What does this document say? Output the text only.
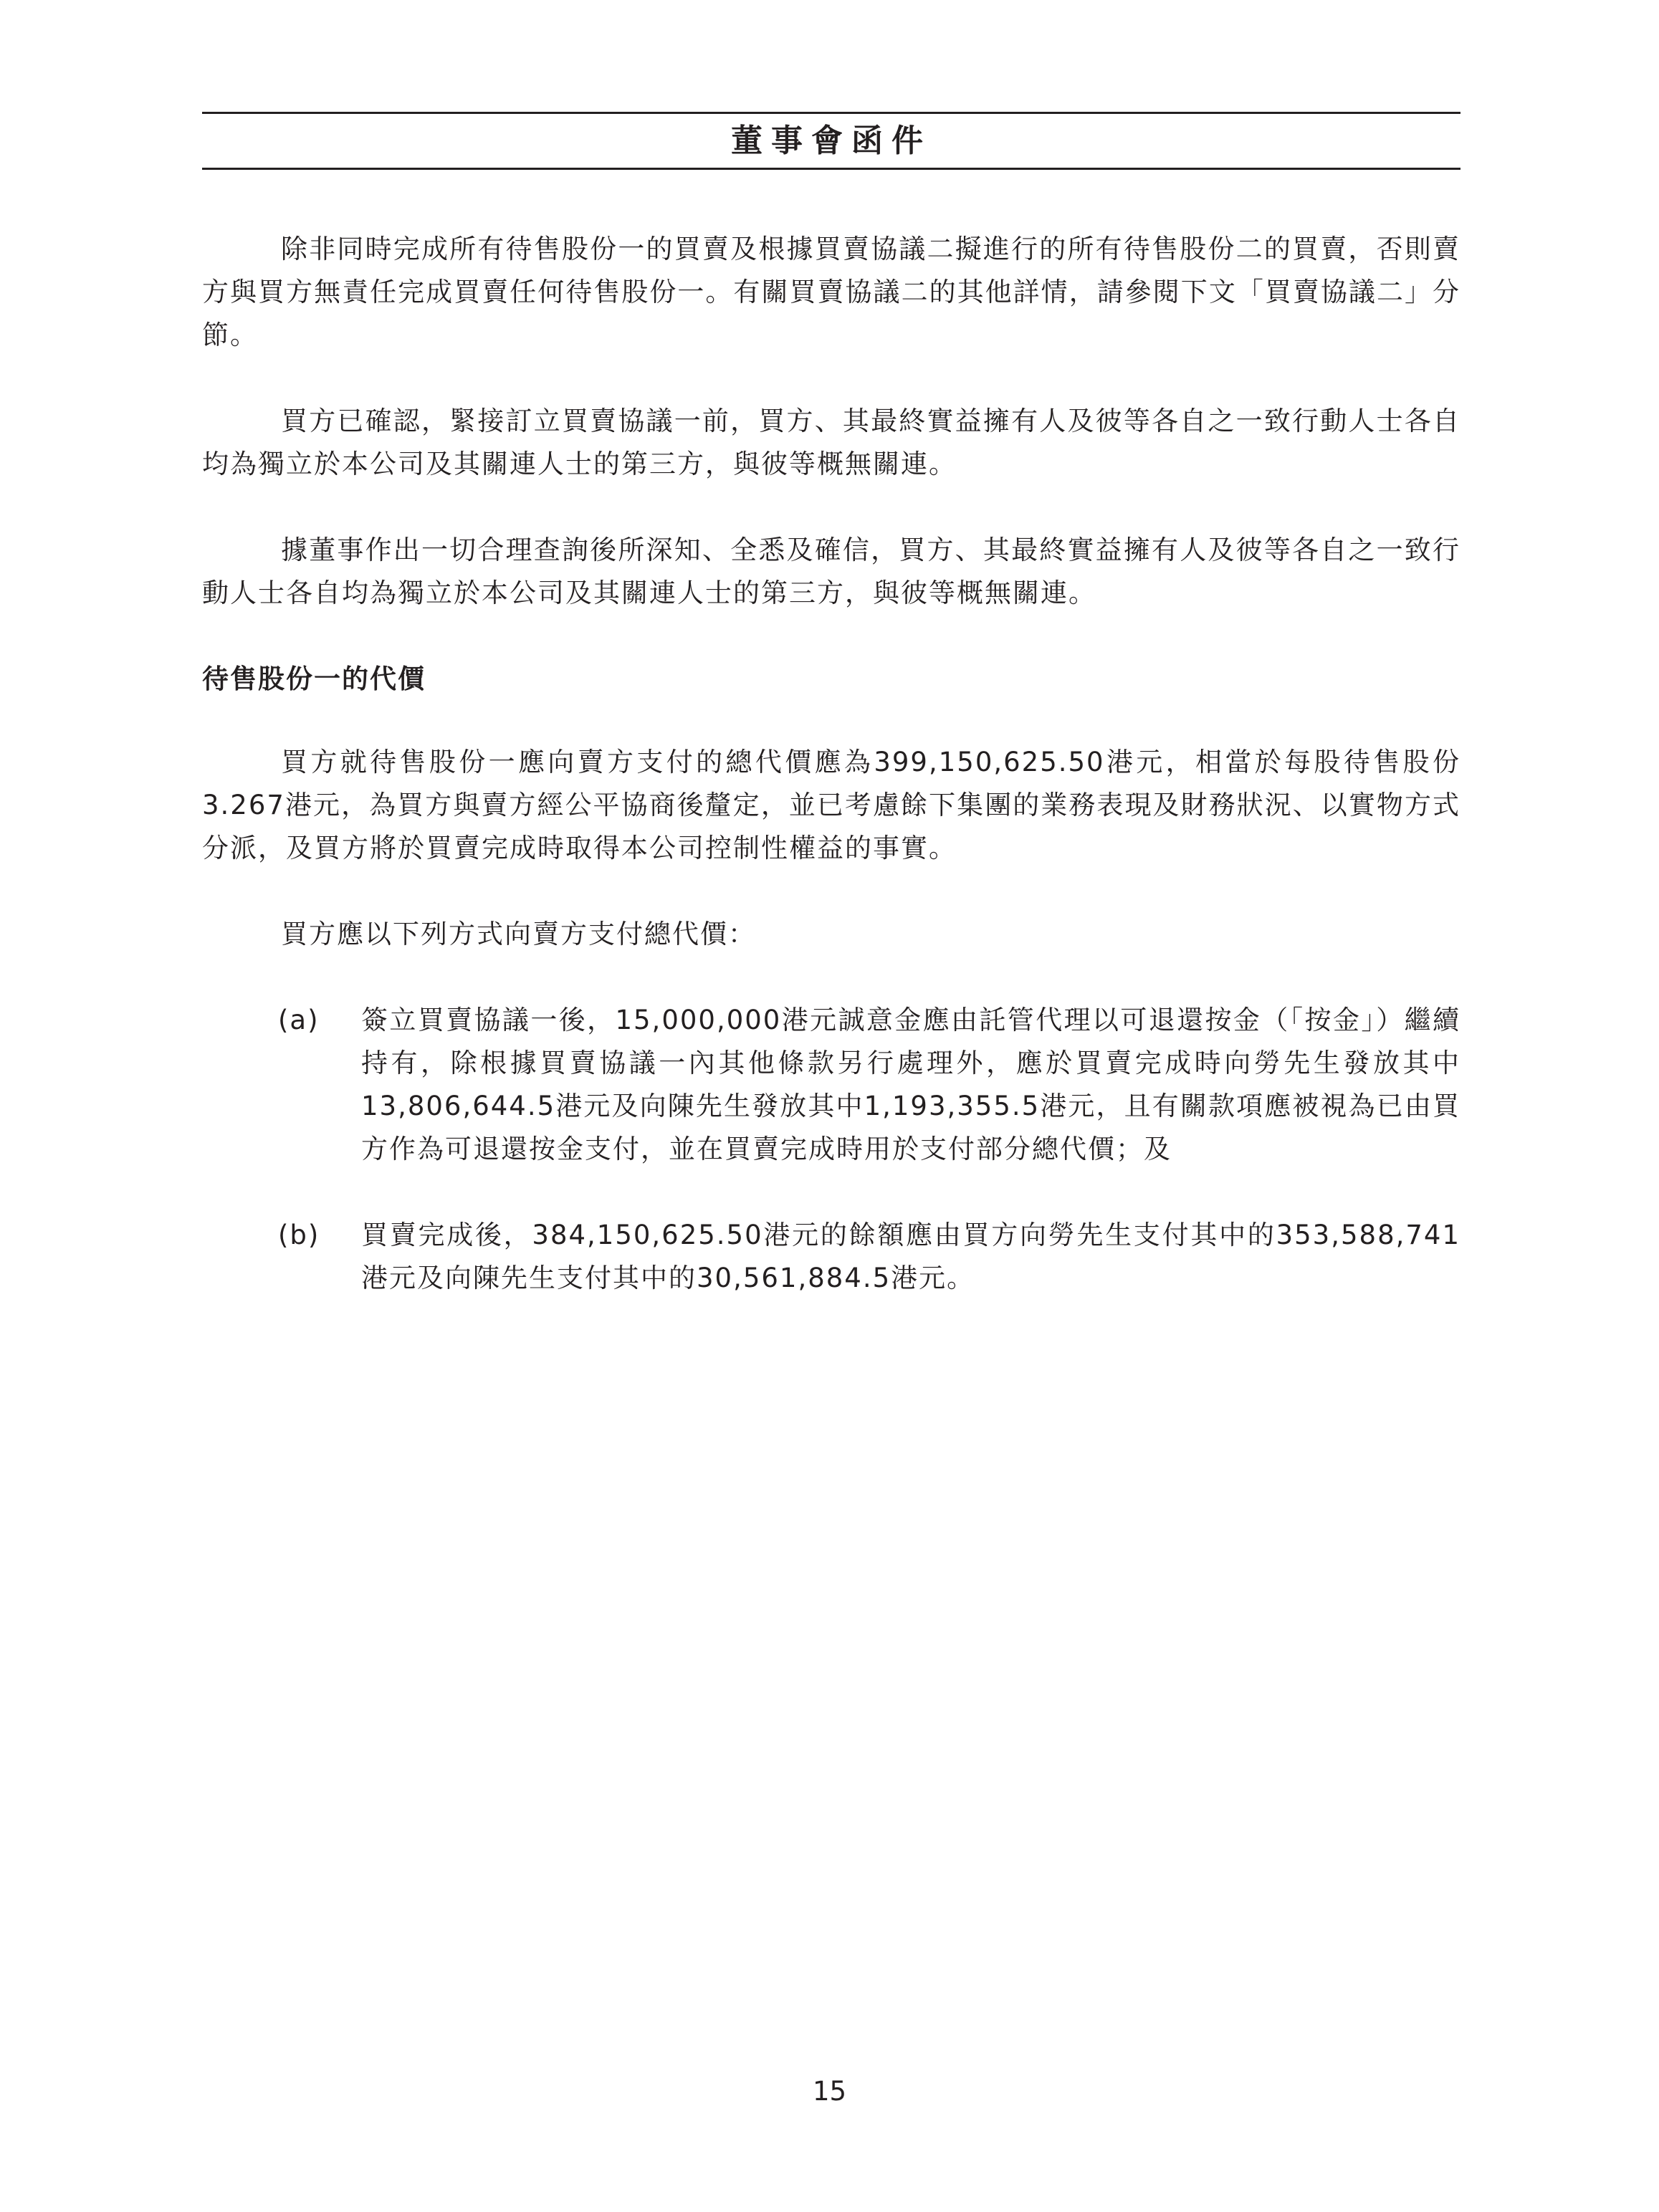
董事會函件

除非同時完成所有待售股份一的買賣及根據買賣協議二擬進行的所有待售股份二的買賣，否則賣方與買方無責任完成買賣任何待售股份一。有關買賣協議二的其他詳情，請參閱下文「買賣協議二」分節。

買方已確認，緊接訂立買賣協議一前，買方、其最終實益擁有人及彼等各自之一致行動人士各自均為獨立於本公司及其關連人士的第三方，與彼等概無關連。

據董事作出一切合理查詢後所深知、全悉及確信，買方、其最終實益擁有人及彼等各自之一致行動人士各自均為獨立於本公司及其關連人士的第三方，與彼等概無關連。

待售股份一的代價

買方就待售股份一應向賣方支付的總代價應為399,150,625.50港元，相當於每股待售股份3.267港元，為買方與賣方經公平協商後釐定，並已考慮餘下集團的業務表現及財務狀況、以實物方式分派，及買方將於買賣完成時取得本公司控制性權益的事實。

買方應以下列方式向賣方支付總代價：

(a) 簽立買賣協議一後，15,000,000港元誠意金應由託管代理以可退還按金（「按金」）繼續持有，除根據買賣協議一內其他條款另行處理外，應於買賣完成時向勞先生發放其中13,806,644.5港元及向陳先生發放其中1,193,355.5港元，且有關款項應被視為已由買方作為可退還按金支付，並在買賣完成時用於支付部分總代價；及
(b) 買賣完成後，384,150,625.50港元的餘額應由買方向勞先生支付其中的353,588,741港元及向陳先生支付其中的30,561,884.5港元。
15
